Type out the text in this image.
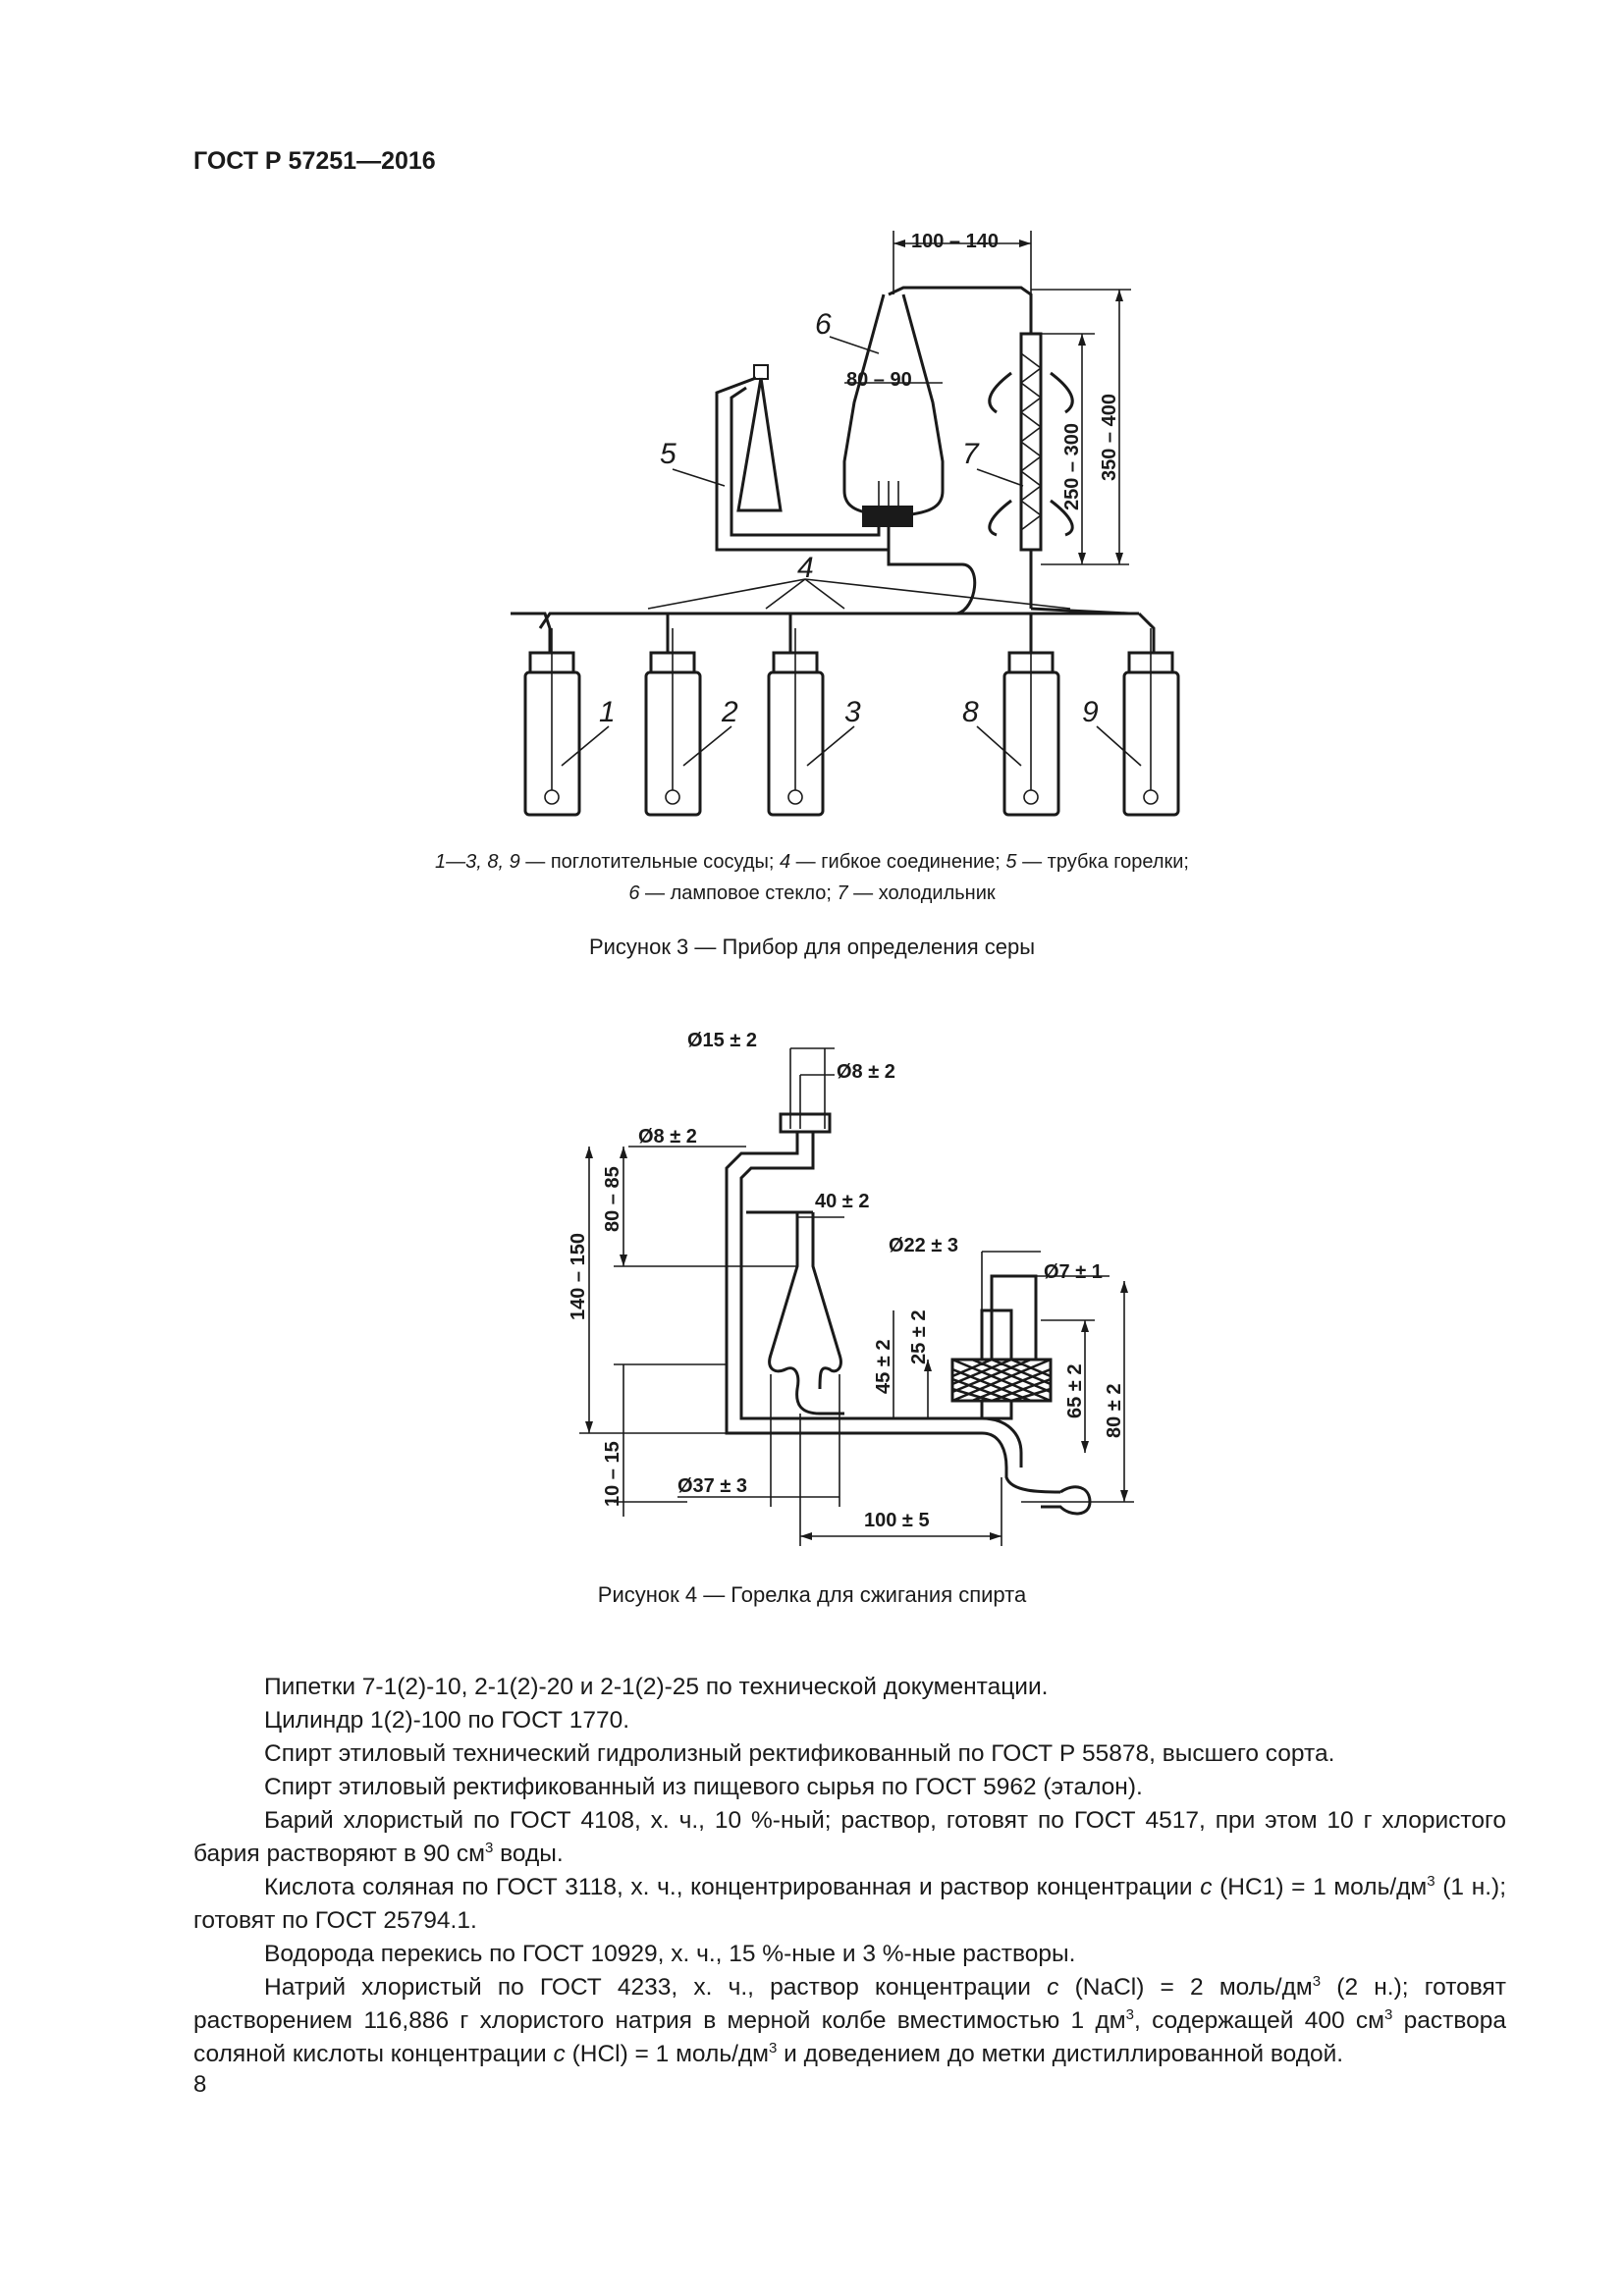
ГОСТ Р 57251—2016
100 – 140
80 – 90
6
5	7	250 – 300 350 – 400
4
1	2	3	8	9
1—3, 8, 9 — поглотительные сосуды; 4 — гибкое соединение; 5 — трубка горелки;
6 — ламповое стекло; 7 — холодильник
Рисунок 3 — Прибор для определения серы
Ø15 ± 2
Ø8 ± 2
Ø8 ± 2
40 ± 2
80 – 85
140 – 150
10 – 15	Ø37 ± 3
100 ± 5
Ø22 ± 3
Ø7 ± 1
25 ± 2
45 ± 2	65 ± 2 80 ± 2
Рисунок 4 — Горелка для сжигания спирта

Пипетки 7-1(2)-10, 2-1(2)-20 и 2-1(2)-25 по технической документации.

Цилиндр 1(2)-100 по ГОСТ 1770.

Спирт этиловый технический гидролизный ректификованный по ГОСТ Р 55878, высшего сорта.

Спирт этиловый ректификованный из пищевого сырья по ГОСТ 5962 (эталон).

Барий хлористый по ГОСТ 4108, х. ч., 10 %-ный; раствор, готовят по ГОСТ 4517, при этом 10 г хлористого бария растворяют в 90 $см^3$ воды.

Кислота соляная по ГОСТ 3118, х. ч., концентрированная и раствор концентрации c (НС1) = 1 моль/$дм^3$ (1 н.); готовят по ГОСТ 25794.1.

Водорода перекись по ГОСТ 10929, х. ч., 15 %-ные и 3 %-ные растворы.

Натрий хлористый по ГОСТ 4233, х. ч., раствор концентрации c (NaCl) = 2 моль/$дм^3$ (2 н.); готовят растворением 116,886 г хлористого натрия в мерной колбе вместимостью 1 $дм^3$, содержащей 400 $см^3$ раствора соляной кислоты концентрации c (HCl) = 1 моль/$дм^3$ и доведением до метки дистиллированной водой.

8
